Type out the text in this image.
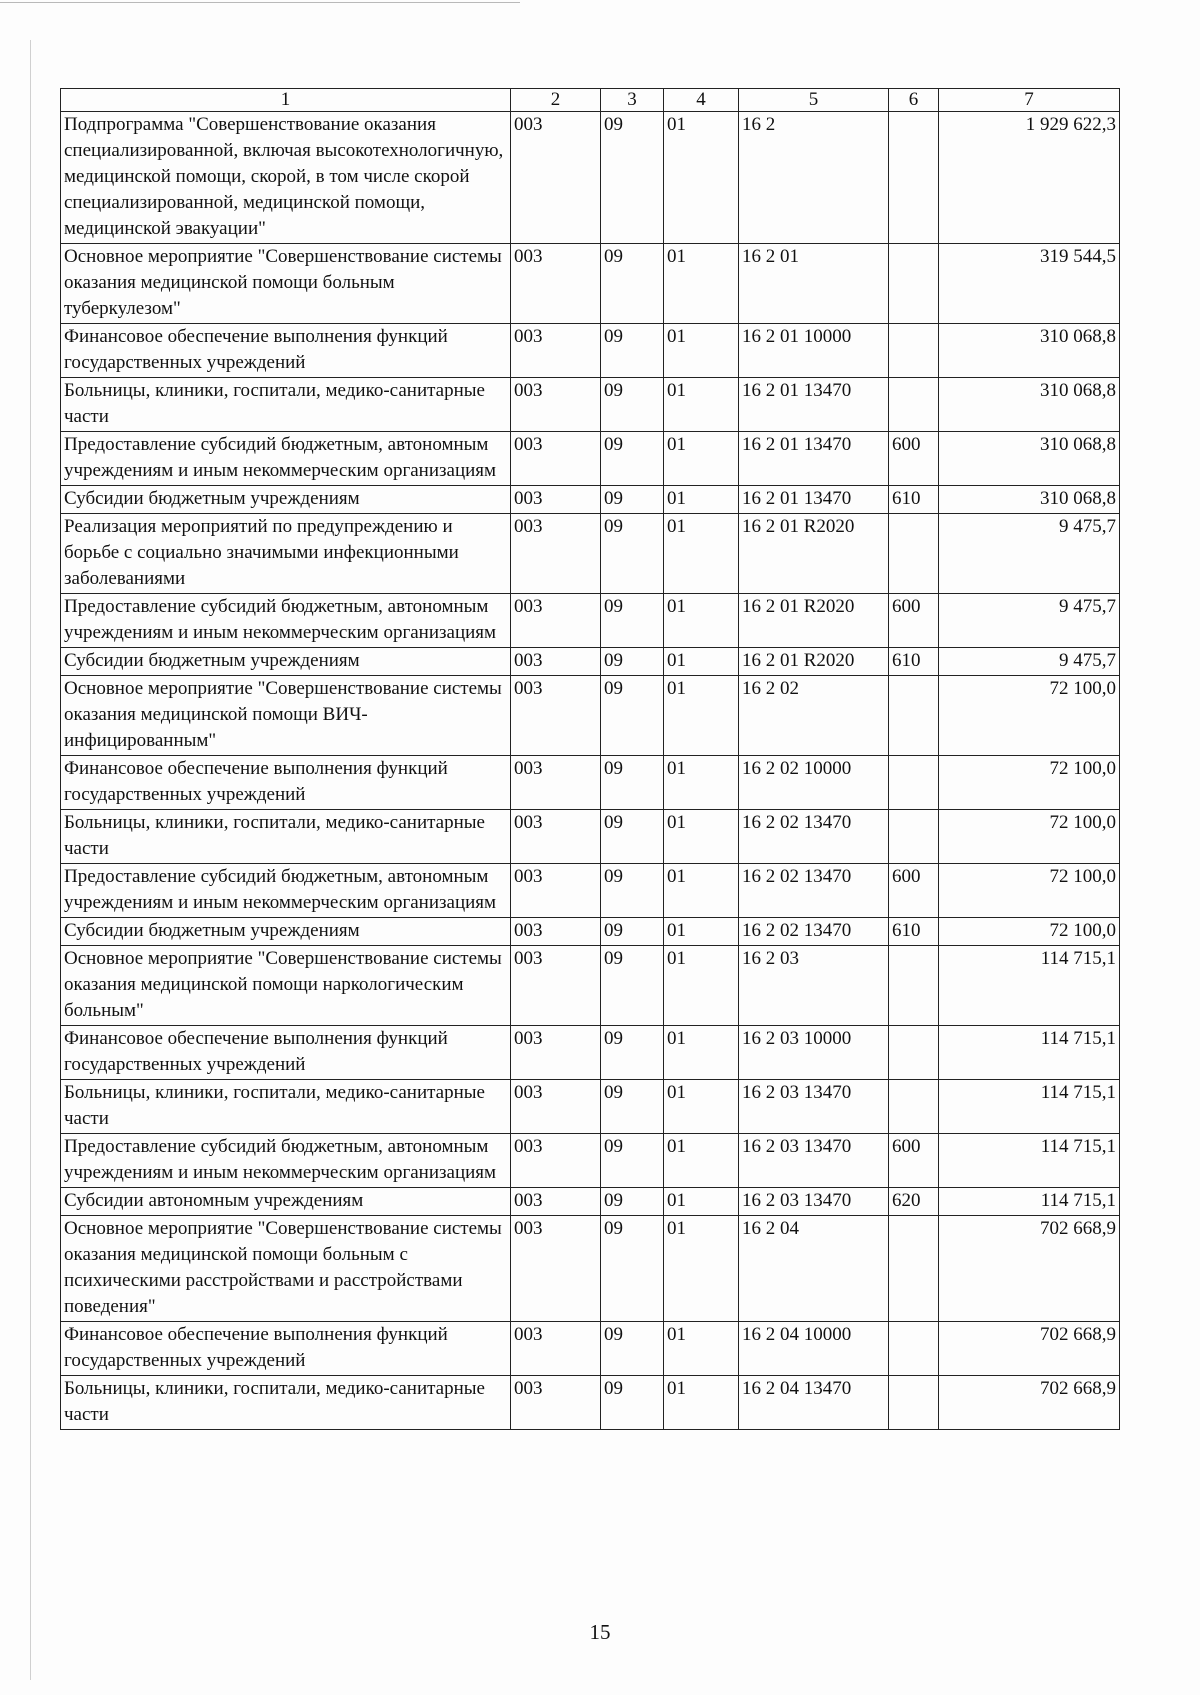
1	2	3	4	5	6	7
Подпрограмма "Совершенствование оказания специализированной, включая высокотехнологичную, медицинской помощи, скорой, в том числе скорой специализированной, медицинской помощи, медицинской эвакуации"	003	09	01	16 2		1 929 622,3
Основное мероприятие "Совершенствование системы оказания медицинской помощи больным туберкулезом"	003	09	01	16 2 01		319 544,5
Финансовое обеспечение выполнения функций государственных учреждений	003	09	01	16 2 01 10000		310 068,8
Больницы, клиники, госпитали, медико-санитарные части	003	09	01	16 2 01 13470		310 068,8
Предоставление субсидий бюджетным, автономным учреждениям и иным некоммерческим организациям	003	09	01	16 2 01 13470	600	310 068,8
Субсидии бюджетным учреждениям	003	09	01	16 2 01 13470	610	310 068,8
Реализация мероприятий по предупреждению и борьбе с социально значимыми инфекционными заболеваниями	003	09	01	16 2 01 R2020		9 475,7
Предоставление субсидий бюджетным, автономным учреждениям и иным некоммерческим организациям	003	09	01	16 2 01 R2020	600	9 475,7
Субсидии бюджетным учреждениям	003	09	01	16 2 01 R2020	610	9 475,7
Основное мероприятие "Совершенствование системы оказания медицинской помощи ВИЧ-инфицированным"	003	09	01	16 2 02		72 100,0
Финансовое обеспечение выполнения функций государственных учреждений	003	09	01	16 2 02 10000		72 100,0
Больницы, клиники, госпитали, медико-санитарные части	003	09	01	16 2 02 13470		72 100,0
Предоставление субсидий бюджетным, автономным учреждениям и иным некоммерческим организациям	003	09	01	16 2 02 13470	600	72 100,0
Субсидии бюджетным учреждениям	003	09	01	16 2 02 13470	610	72 100,0
Основное мероприятие "Совершенствование системы оказания медицинской помощи наркологическим больным"	003	09	01	16 2 03		114 715,1
Финансовое обеспечение выполнения функций государственных учреждений	003	09	01	16 2 03 10000		114 715,1
Больницы, клиники, госпитали, медико-санитарные части	003	09	01	16 2 03 13470		114 715,1
Предоставление субсидий бюджетным, автономным учреждениям и иным некоммерческим организациям	003	09	01	16 2 03 13470	600	114 715,1
Субсидии автономным учреждениям	003	09	01	16 2 03 13470	620	114 715,1
Основное мероприятие "Совершенствование системы оказания медицинской помощи больным с психическими расстройствами и расстройствами поведения"	003	09	01	16 2 04		702 668,9
Финансовое обеспечение выполнения функций государственных учреждений	003	09	01	16 2 04 10000		702 668,9
Больницы, клиники, госпитали, медико-санитарные части	003	09	01	16 2 04 13470		702 668,9
15
